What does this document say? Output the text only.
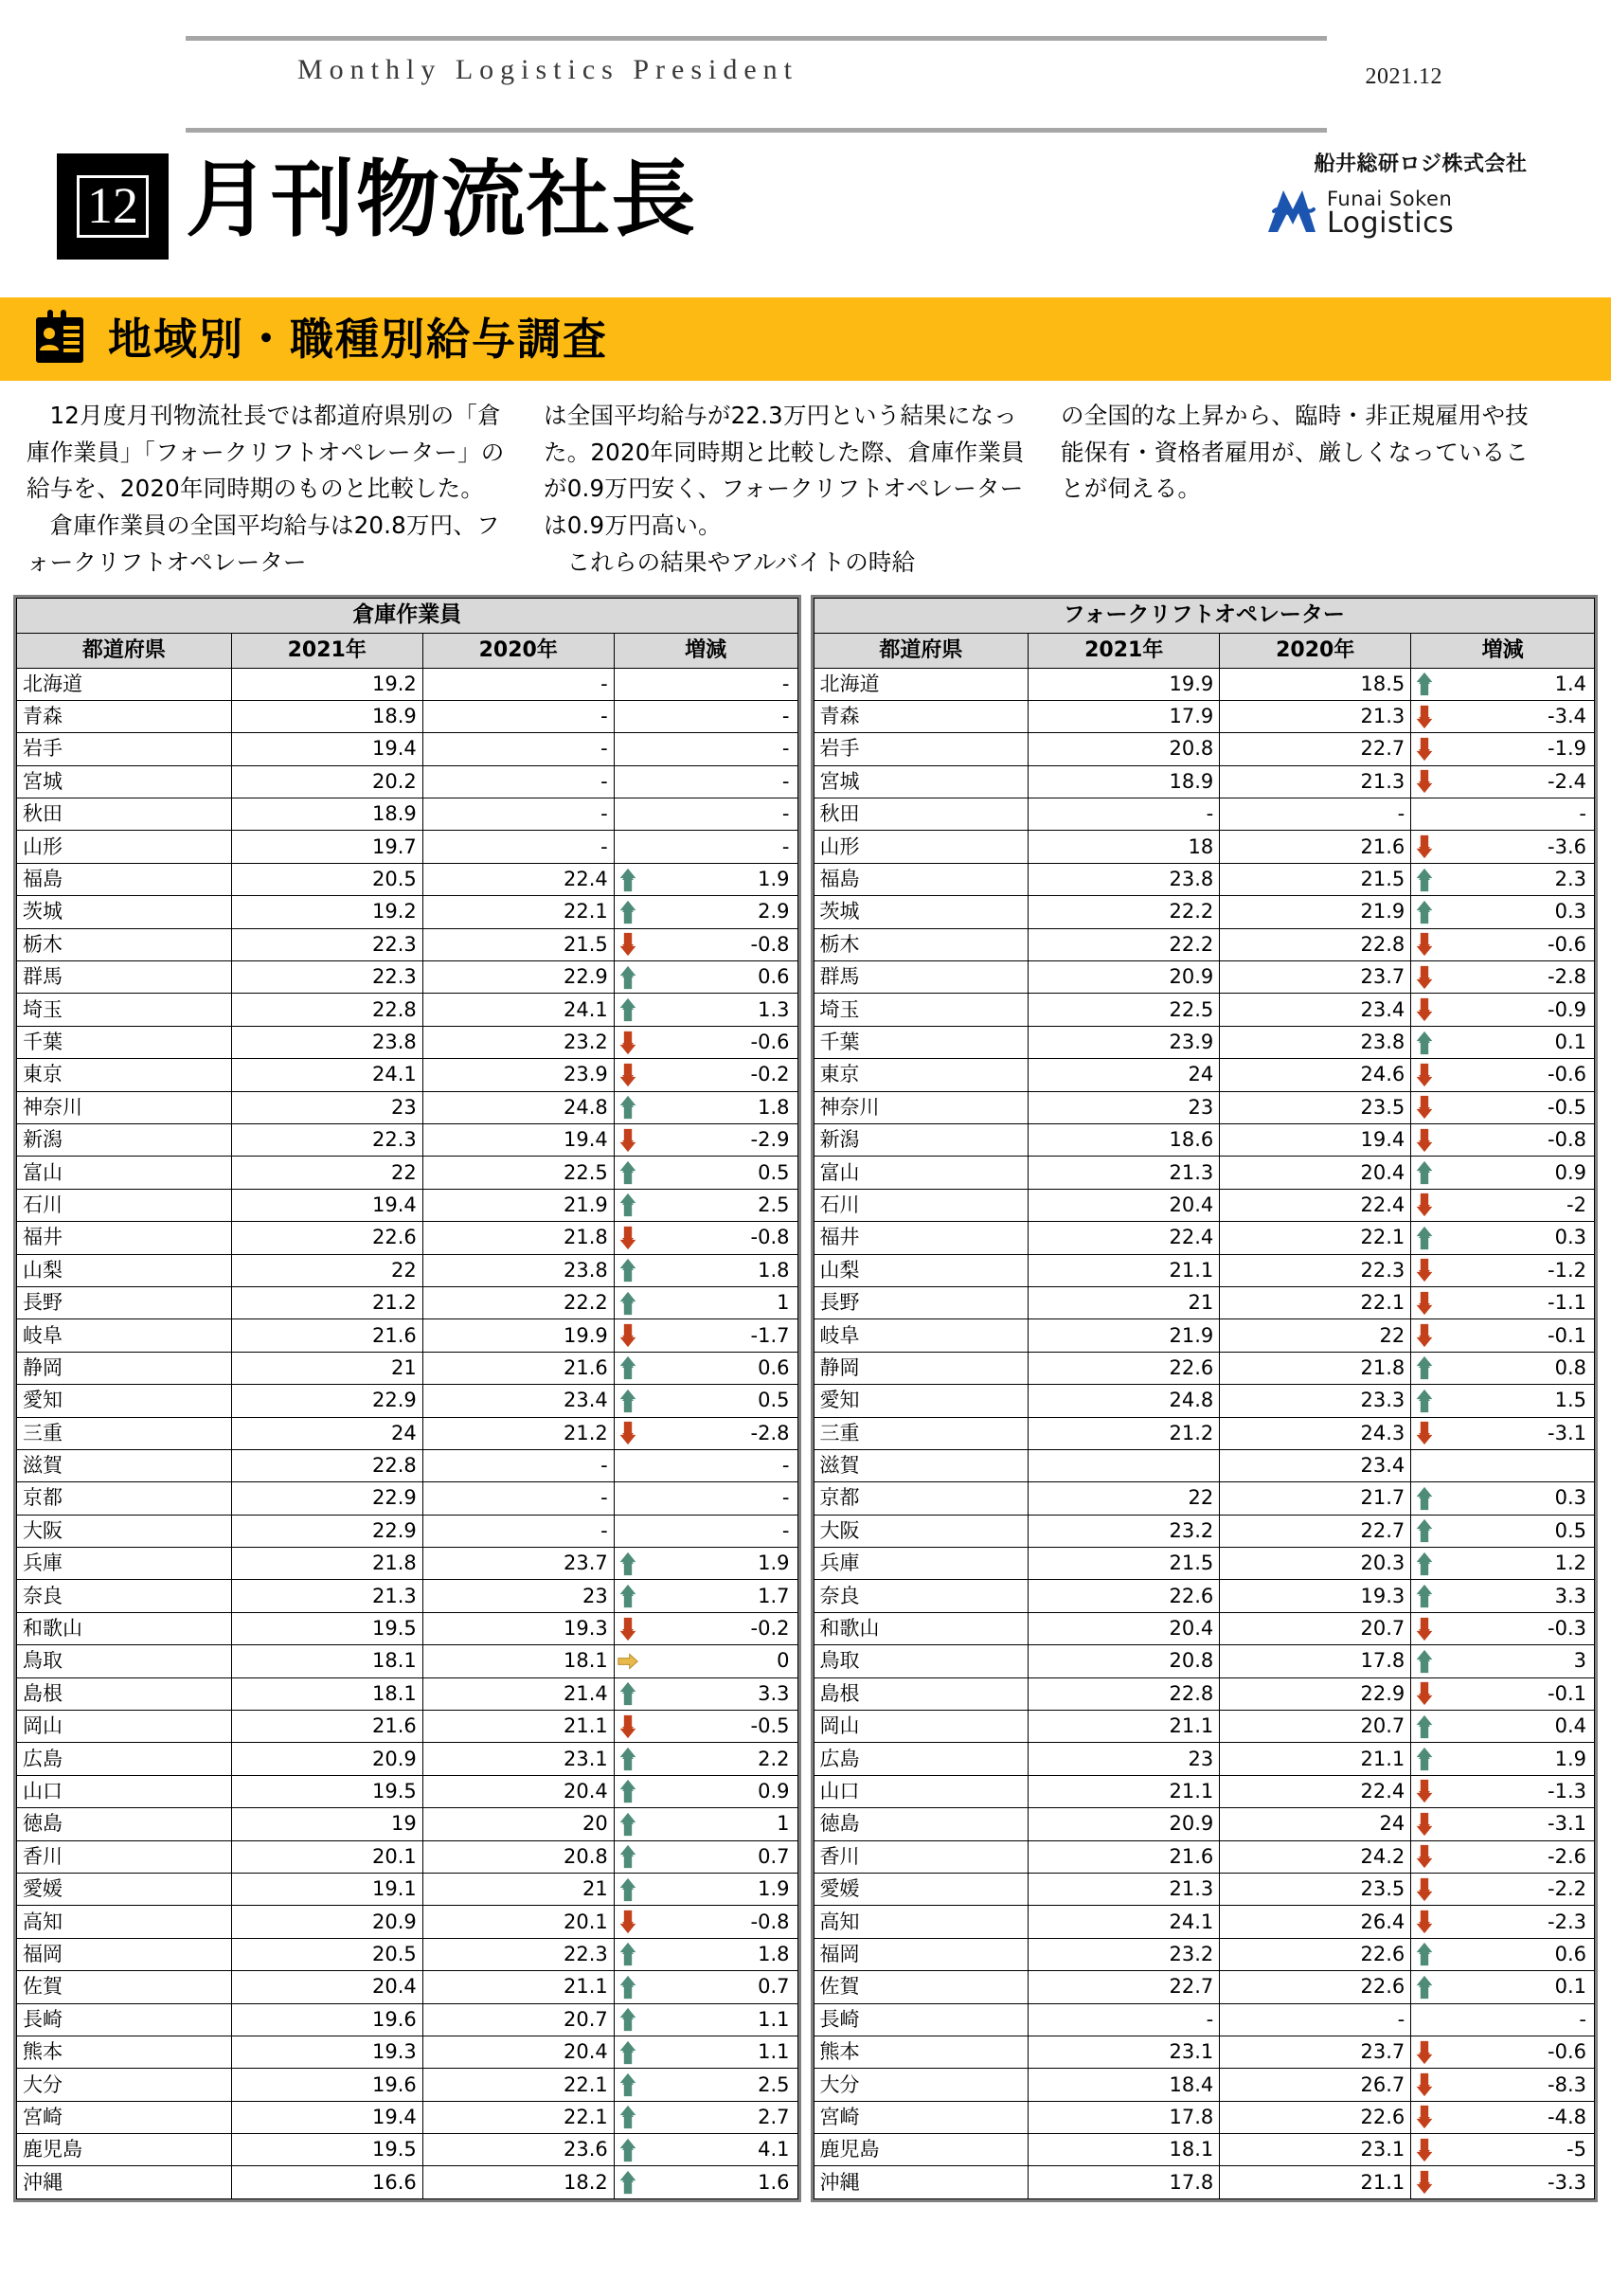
Monthly Logistics President	2021.12
12 月刊物流社長	船井総研ロジ株式会社
Funai Soken Logistics
地域別・職種別給与調査

12月度月刊物流社長では都道府県別の「倉庫作業員」「フォークリフトオペレーター」の給与を、2020年同時期のものと比較した。

倉庫作業員の全国平均給与は20.8万円、フォークリフトオペレーター

は全国平均給与が22.3万円という結果になった。2020年同時期と比較した際、倉庫作業員が0.9万円安く、フォークリフトオペレーターは0.9万円高い。

これらの結果やアルバイトの時給

の全国的な上昇から、臨時・非正規雇用や技能保有・資格者雇用が、厳しくなっていることが伺える。

倉庫作業員			
都道府県	2021年	2020年	増減
北海道	19.2	-	-
青森	18.9	-	-
岩手	19.4	-	-
宮城	20.2	-	-
秋田	18.9	-	-
山形	19.7	-	-
福島	20.5	22.4	1.9
茨城	19.2	22.1	2.9
栃木	22.3	21.5	-0.8
群馬	22.3	22.9	0.6
埼玉	22.8	24.1	1.3
千葉	23.8	23.2	-0.6
東京	24.1	23.9	-0.2
神奈川	23	24.8	1.8
新潟	22.3	19.4	-2.9
富山	22	22.5	0.5
石川	19.4	21.9	2.5
福井	22.6	21.8	-0.8
山梨	22	23.8	1.8
長野	21.2	22.2	1
岐阜	21.6	19.9	-1.7
静岡	21	21.6	0.6
愛知	22.9	23.4	0.5
三重	24	21.2	-2.8
滋賀	22.8	-	-
京都	22.9	-	-
大阪	22.9	-	-
兵庫	21.8	23.7	1.9
奈良	21.3	23	1.7
和歌山	19.5	19.3	-0.2
鳥取	18.1	18.1	0
島根	18.1	21.4	3.3
岡山	21.6	21.1	-0.5
広島	20.9	23.1	2.2
山口	19.5	20.4	0.9
徳島	19	20	1
香川	20.1	20.8	0.7
愛媛	19.1	21	1.9
高知	20.9	20.1	-0.8
福岡	20.5	22.3	1.8
佐賀	20.4	21.1	0.7
長崎	19.6	20.7	1.1
熊本	19.3	20.4	1.1
大分	19.6	22.1	2.5
宮崎	19.4	22.1	2.7
鹿児島	19.5	23.6	4.1
沖縄	16.6	18.2	1.6
フォークリフトオペレーター			
都道府県	2021年	2020年	増減
北海道	19.9	18.5	1.4
青森	17.9	21.3	-3.4
岩手	20.8	22.7	-1.9
宮城	18.9	21.3	-2.4
秋田	-	-	-
山形	18	21.6	-3.6
福島	23.8	21.5	2.3
茨城	22.2	21.9	0.3
栃木	22.2	22.8	-0.6
群馬	20.9	23.7	-2.8
埼玉	22.5	23.4	-0.9
千葉	23.9	23.8	0.1
東京	24	24.6	-0.6
神奈川	23	23.5	-0.5
新潟	18.6	19.4	-0.8
富山	21.3	20.4	0.9
石川	20.4	22.4	-2
福井	22.4	22.1	0.3
山梨	21.1	22.3	-1.2
長野	21	22.1	-1.1
岐阜	21.9	22	-0.1
静岡	22.6	21.8	0.8
愛知	24.8	23.3	1.5
三重	21.2	24.3	-3.1
滋賀		23.4	
京都	22	21.7	0.3
大阪	23.2	22.7	0.5
兵庫	21.5	20.3	1.2
奈良	22.6	19.3	3.3
和歌山	20.4	20.7	-0.3
鳥取	20.8	17.8	3
島根	22.8	22.9	-0.1
岡山	21.1	20.7	0.4
広島	23	21.1	1.9
山口	21.1	22.4	-1.3
徳島	20.9	24	-3.1
香川	21.6	24.2	-2.6
愛媛	21.3	23.5	-2.2
高知	24.1	26.4	-2.3
福岡	23.2	22.6	0.6
佐賀	22.7	22.6	0.1
長崎	-	-	-
熊本	23.1	23.7	-0.6
大分	18.4	26.7	-8.3
宮崎	17.8	22.6	-4.8
鹿児島	18.1	23.1	-5
沖縄	17.8	21.1	-3.3
